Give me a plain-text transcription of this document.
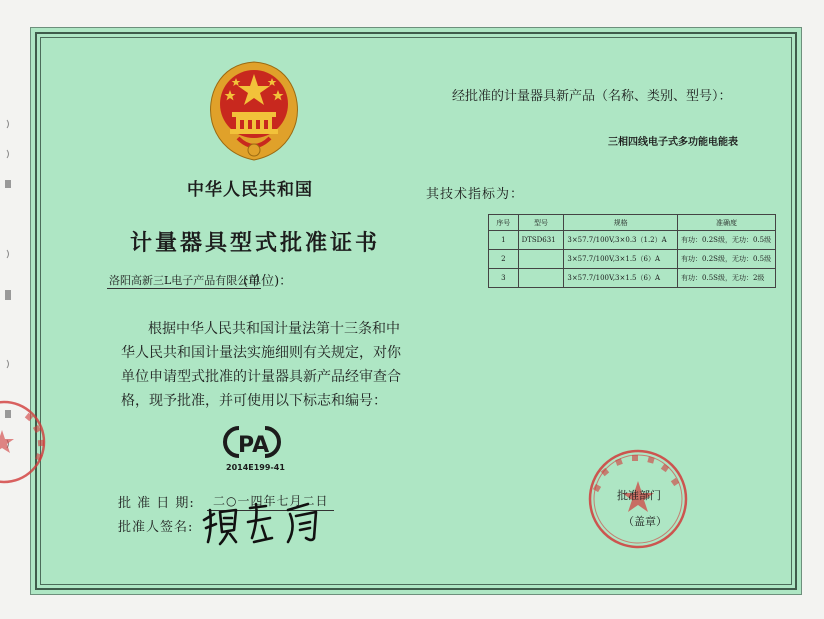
中华人民共和国
计量器具型式批准证书
洛阳高新三L电子产品有限公司
(单位)：

根据中华人民共和国计量法第十三条和中

华人民共和国计量法实施细则有关规定，对你

单位申请型式批准的计量器具新产品经审查合

格，现予批准，并可使用以下标志和编号：

PA
2014E199-41
批 准 日 期:	二○一四年七月二日
批准人签名:
经批准的计量器具新产品（名称、类别、型号）：
三相四线电子式多功能电能表
其技术指标为：
序号	型号	规格	准确度
1	DTSD631	3×57.7/100V,3×0.3（1.2）A	有功：0.2S级，无功：0.5级
2		3×57.7/100V,3×1.5（6）A	有功：0.2S级，无功：0.5级
3		3×57.7/100V,3×1.5（6）A	有功：0.5S级，无功：2级
批准部门
（盖章）
